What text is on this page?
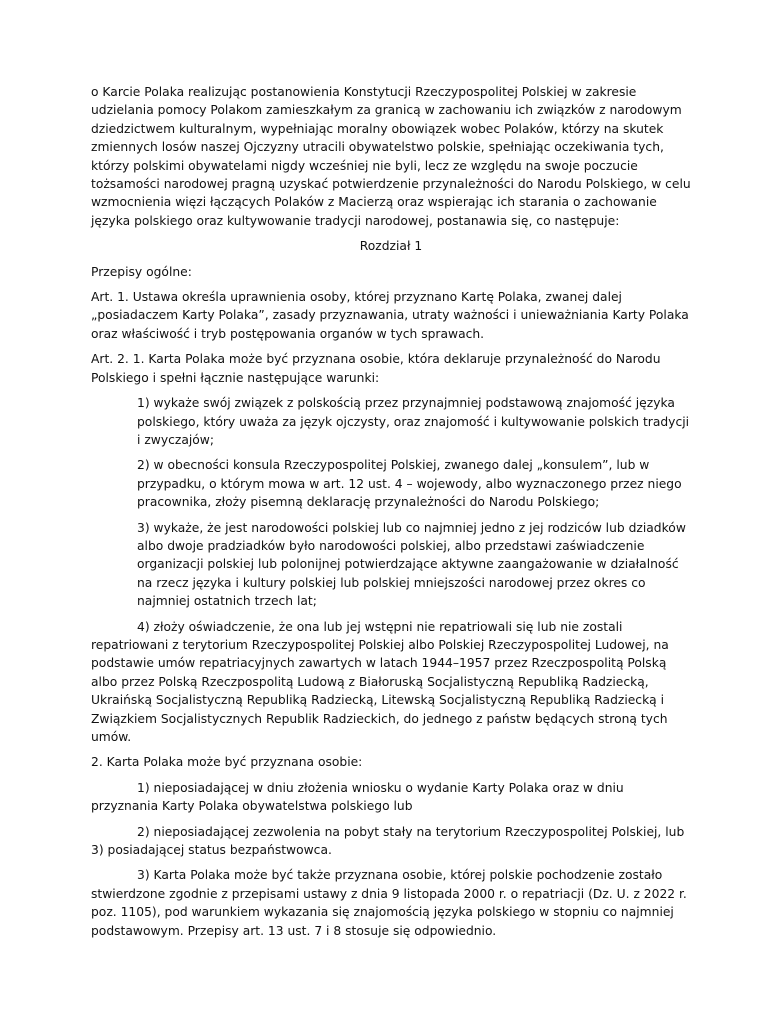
o Karcie Polaka realizując postanowienia Konstytucji Rzeczypospolitej Polskiej w zakresie udzielania pomocy Polakom zamieszkałym za granicą w zachowaniu ich związków z narodowym dziedzictwem kulturalnym, wypełniając moralny obowiązek wobec Polaków, którzy na skutek zmiennych losów naszej Ojczyzny utracili obywatelstwo polskie, spełniając oczekiwania tych, którzy polskimi obywatelami nigdy wcześniej nie byli, lecz ze względu na swoje poczucie tożsamości narodowej pragną uzyskać potwierdzenie przynależności do Narodu Polskiego, w celu wzmocnienia więzi łączących Polaków z Macierzą oraz wspierając ich starania o zachowanie języka polskiego oraz kultywowanie tradycji narodowej, postanawia się, co następuje:

Rozdział 1

Przepisy ogólne:

Art. 1. Ustawa określa uprawnienia osoby, której przyznano Kartę Polaka, zwanej dalej „posiadaczem Karty Polaka”, zasady przyznawania, utraty ważności i unieważniania Karty Polaka oraz właściwość i tryb postępowania organów w tych sprawach.

Art. 2. 1. Karta Polaka może być przyznana osobie, która deklaruje przynależność do Narodu Polskiego i spełni łącznie następujące warunki:

1) wykaże swój związek z polskością przez przynajmniej podstawową znajomość języka polskiego, który uważa za język ojczysty, oraz znajomość i kultywowanie polskich tradycji i zwyczajów;

2) w obecności konsula Rzeczypospolitej Polskiej, zwanego dalej „konsulem”, lub w przypadku, o którym mowa w art. 12 ust. 4 – wojewody, albo wyznaczonego przez niego pracownika, złoży pisemną deklarację przynależności do Narodu Polskiego;

3) wykaże, że jest narodowości polskiej lub co najmniej jedno z jej rodziców lub dziadków albo dwoje pradziadków było narodowości polskiej, albo przedstawi zaświadczenie organizacji polskiej lub polonijnej potwierdzające aktywne zaangażowanie w działalność na rzecz języka i kultury polskiej lub polskiej mniejszości narodowej przez okres co najmniej ostatnich trzech lat;

4) złoży oświadczenie, że ona lub jej wstępni nie repatriowali się lub nie zostali repatriowani z terytorium Rzeczypospolitej Polskiej albo Polskiej Rzeczypospolitej Ludowej, na podstawie umów repatriacyjnych zawartych w latach 1944–1957 przez Rzeczpospolitą Polską albo przez Polską Rzeczpospolitą Ludową z Białoruską Socjalistyczną Republiką Radziecką, Ukraińską Socjalistyczną Republiką Radziecką, Litewską Socjalistyczną Republiką Radziecką i Związkiem Socjalistycznych Republik Radzieckich, do jednego z państw będących stroną tych umów.

2. Karta Polaka może być przyznana osobie:

1) nieposiadającej w dniu złożenia wniosku o wydanie Karty Polaka oraz w dniu przyznania Karty Polaka obywatelstwa polskiego lub

2) nieposiadającej zezwolenia na pobyt stały na terytorium Rzeczypospolitej Polskiej, lub 3) posiadającej status bezpaństwowca.

3) Karta Polaka może być także przyznana osobie, której polskie pochodzenie zostało stwierdzone zgodnie z przepisami ustawy z dnia 9 listopada 2000 r. o repatriacji (Dz. U. z 2022 r. poz. 1105), pod warunkiem wykazania się znajomością języka polskiego w stopniu co najmniej podstawowym. Przepisy art. 13 ust. 7 i 8 stosuje się odpowiednio.
